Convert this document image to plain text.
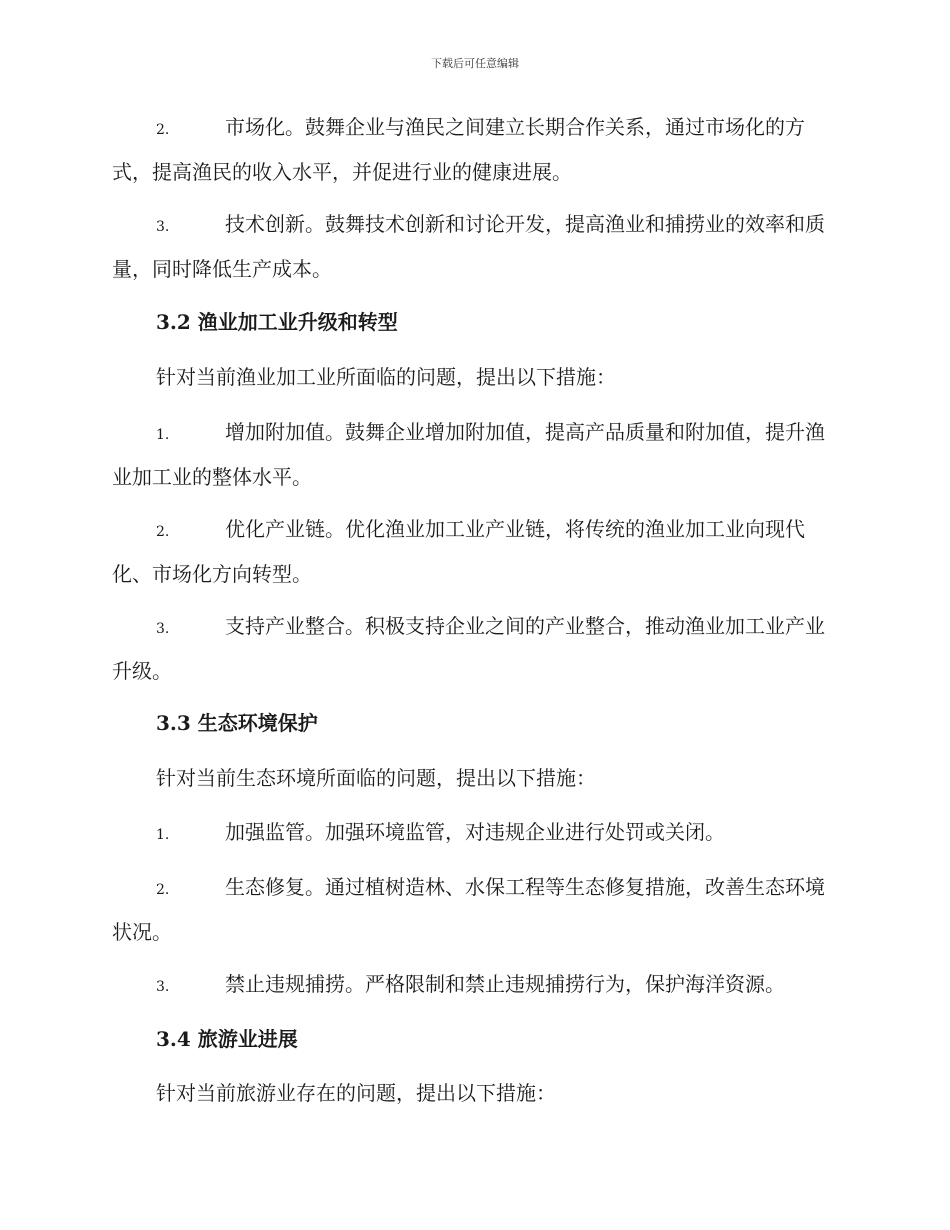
下载后可任意编辑
2.	市场化。鼓舞企业与渔民之间建立长期合作关系，通过市场化的方式，提高渔民的收入水平，并促进行业的健康进展。
3.	技术创新。鼓舞技术创新和讨论开发，提高渔业和捕捞业的效率和质量，同时降低生产成本。
3.2 渔业加工业升级和转型
针对当前渔业加工业所面临的问题，提出以下措施：
1.	增加附加值。鼓舞企业增加附加值，提高产品质量和附加值，提升渔业加工业的整体水平。
2.	优化产业链。优化渔业加工业产业链，将传统的渔业加工业向现代化、市场化方向转型。
3.	支持产业整合。积极支持企业之间的产业整合，推动渔业加工业产业升级。
3.3 生态环境保护
针对当前生态环境所面临的问题，提出以下措施：
1.	加强监管。加强环境监管，对违规企业进行处罚或关闭。
2.	生态修复。通过植树造林、水保工程等生态修复措施，改善生态环境状况。
3.	禁止违规捕捞。严格限制和禁止违规捕捞行为，保护海洋资源。
3.4 旅游业进展
针对当前旅游业存在的问题，提出以下措施：
